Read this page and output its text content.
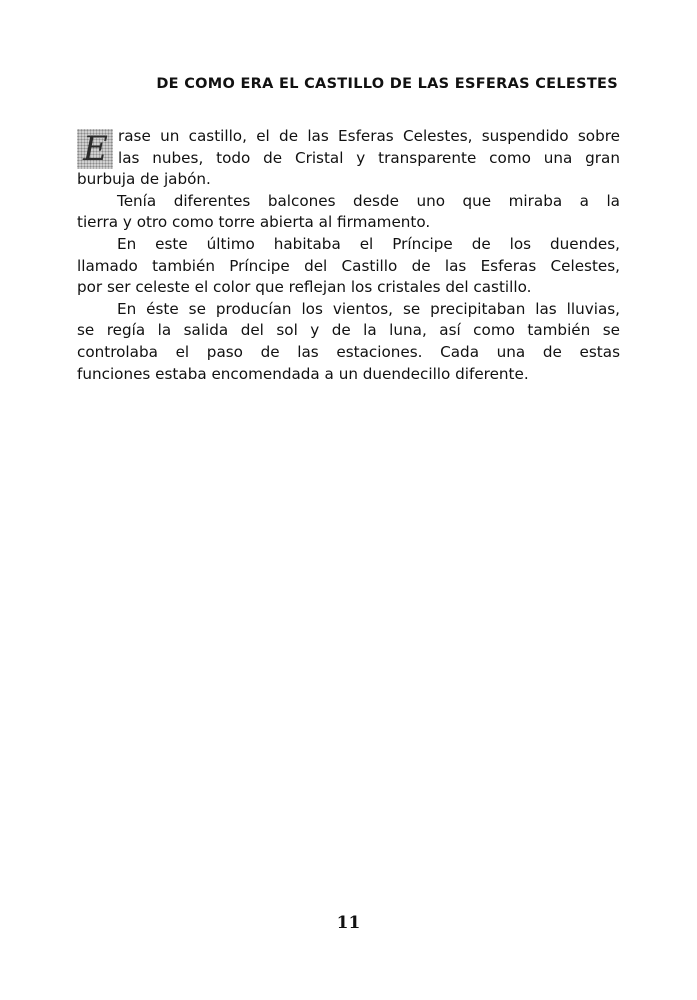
DE COMO ERA EL CASTILLO DE LAS ESFERAS CELESTES
E rase un castillo, el de las Esferas Celestes, suspendido sobre
las nubes, todo de Cristal y transparente como una gran
burbuja de jabón.
Tenía diferentes balcones desde uno que miraba a la
tierra y otro como torre abierta al firmamento.
En este último habitaba el Príncipe de los duendes,
llamado también Príncipe del Castillo de las Esferas Celestes,
por ser celeste el color que reflejan los cristales del castillo.
En éste se producían los vientos, se precipitaban las lluvias,
se regía la salida del sol y de la luna, así como también se
controlaba el paso de las estaciones. Cada una de estas
funciones estaba encomendada a un duendecillo diferente.
11
